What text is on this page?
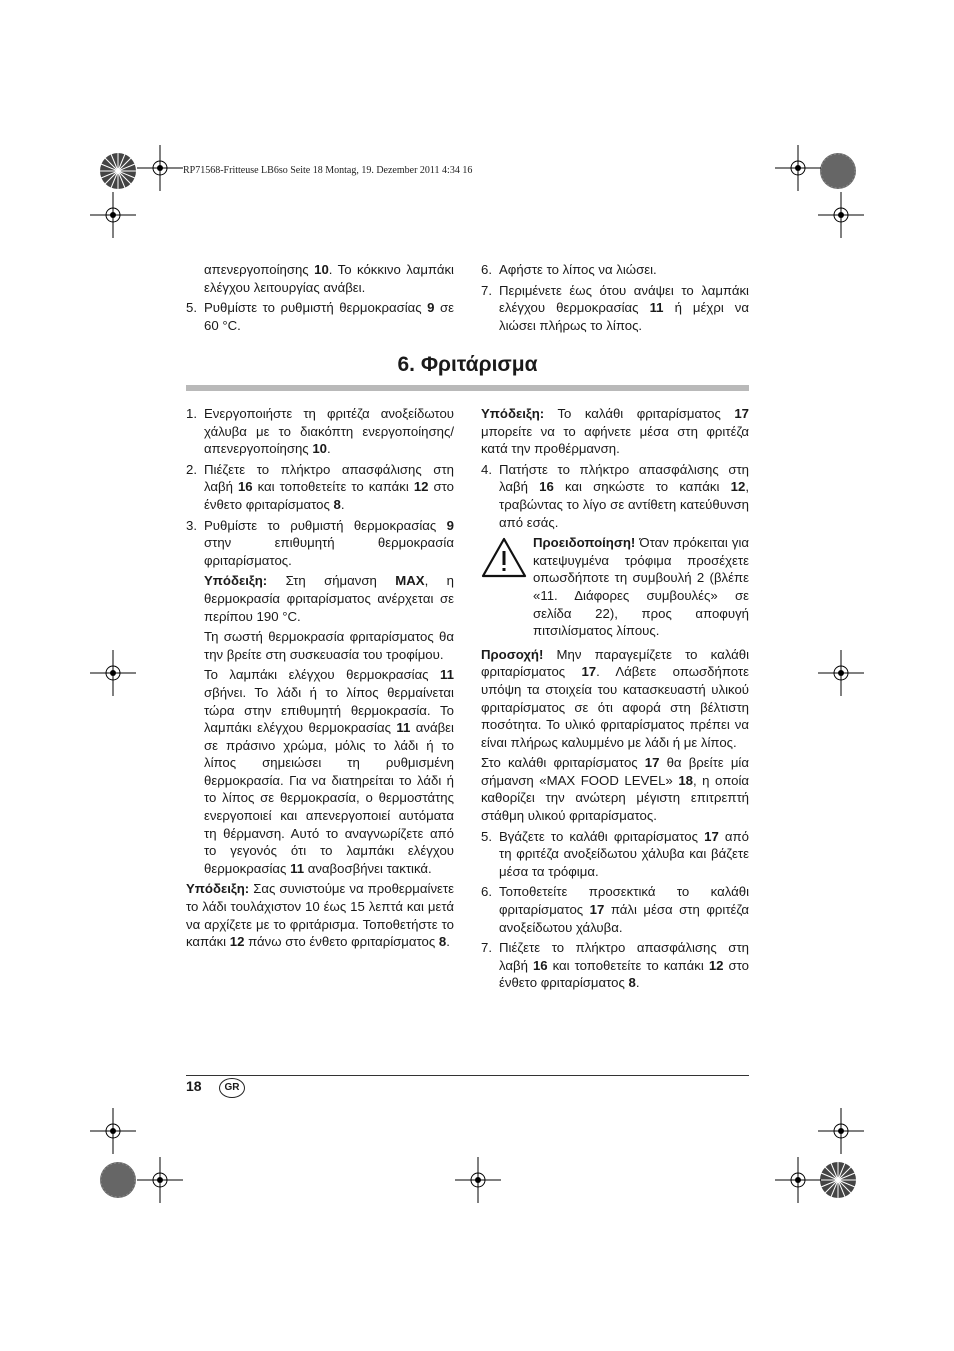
RP71568-Fritteuse LB6so Seite 18 Montag, 19. Dezember 2011 4:34 16

απενεργοποίησης 10. Το κόκκινο λαμπάκι ελέγχου λειτουργίας ανάβει.

5. Ρυθμίστε το ρυθμιστή θερμοκρασίας 9 σε 60 °C.
6. Αφήστε το λίπος να λιώσει.
7. Περιμένετε έως ότου ανάψει το λαμπάκι ελέγχου θερμοκρασίας 11 ή μέχρι να λιώσει πλήρως το λίπος.
6. Φριτάρισμα
1. Ενεργοποιήστε τη φριτέζα ανοξείδωτου χάλυβα με το διακόπτη ενεργοποίησης/ απενεργοποίησης 10.
2. Πιέζετε το πλήκτρο απασφάλισης στη λαβή 16 και τοποθετείτε το καπάκι 12 στο ένθετο φριταρίσματος 8.
3. Ρυθμίστε το ρυθμιστή θερμοκρασίας 9 στην επιθυμητή θερμοκρασία φριταρίσματος.

Υπόδειξη: Στη σήμανση MAX, η θερμοκρασία φριταρίσματος ανέρχεται σε περίπου 190 °C.

Τη σωστή θερμοκρασία φριταρίσματος θα την βρείτε στη συσκευασία του τροφίμου.

Το λαμπάκι ελέγχου θερμοκρασίας 11 σβήνει. Το λάδι ή το λίπος θερμαίνεται τώρα στην επιθυμητή θερμοκρασία. Το λαμπάκι ελέγχου θερμοκρασίας 11 ανάβει σε πράσινο χρώμα, μόλις το λάδι ή το λίπος σημειώσει τη ρυθμισμένη θερμοκρασία. Για να διατηρείται το λάδι ή το λίπος σε θερμοκρασία, ο θερμοστάτης ενεργοποιεί και απενεργοποιεί αυτόματα τη θέρμανση. Αυτό το αναγνωρίζετε από το γεγονός ότι το λαμπάκι ελέγχου θερμοκρασίας 11 αναβοσβήνει τακτικά.

Υπόδειξη: Σας συνιστούμε να προθερμαίνετε το λάδι τουλάχιστον 10 έως 15 λεπτά και μετά να αρχίζετε με το φριτάρισμα. Τοποθετήστε το καπάκι 12 πάνω στο ένθετο φριταρίσματος 8.

Υπόδειξη: Το καλάθι φριταρίσματος 17 μπορείτε να το αφήνετε μέσα στη φριτέζα κατά την προθέρμανση.

4. Πατήστε το πλήκτρο απασφάλισης στη λαβή 16 και σηκώστε το καπάκι 12, τραβώντας το λίγο σε αντίθετη κατεύθυνση από εσάς.
Προειδοποίηση! Όταν πρόκειται για κατεψυγμένα τρόφιμα προσέχετε οπωσδήποτε τη συμβουλή 2 (βλέπε «11. Διάφορες συμβουλές» σε σελίδα 22), προς αποφυγή πιτσιλίσματος λίπους.

Προσοχή! Μην παραγεμίζετε το καλάθι φριταρίσματος 17. Λάβετε οπωσδήποτε υπόψη τα στοιχεία του κατασκευαστή υλικού φριταρίσματος σε ότι αφορά στη βέλτιστη ποσότητα. Το υλικό φριταρίσματος πρέπει να είναι πλήρως καλυμμένο με λάδι ή με λίπος.

Στο καλάθι φριταρίσματος 17 θα βρείτε μία σήμανση «MAX FOOD LEVEL» 18, η οποία καθορίζει την ανώτερη μέγιστη επιτρεπτή στάθμη υλικού φριταρίσματος.

5. Βγάζετε το καλάθι φριταρίσματος 17 από τη φριτέζα ανοξείδωτου χάλυβα και βάζετε μέσα τα τρόφιμα.
6. Τοποθετείτε προσεκτικά το καλάθι φριταρίσματος 17 πάλι μέσα στη φριτέζα ανοξείδωτου χάλυβα.
7. Πιέζετε το πλήκτρο απασφάλισης στη λαβή 16 και τοποθετείτε το καπάκι 12 στο ένθετο φριταρίσματος 8.
18	GR
